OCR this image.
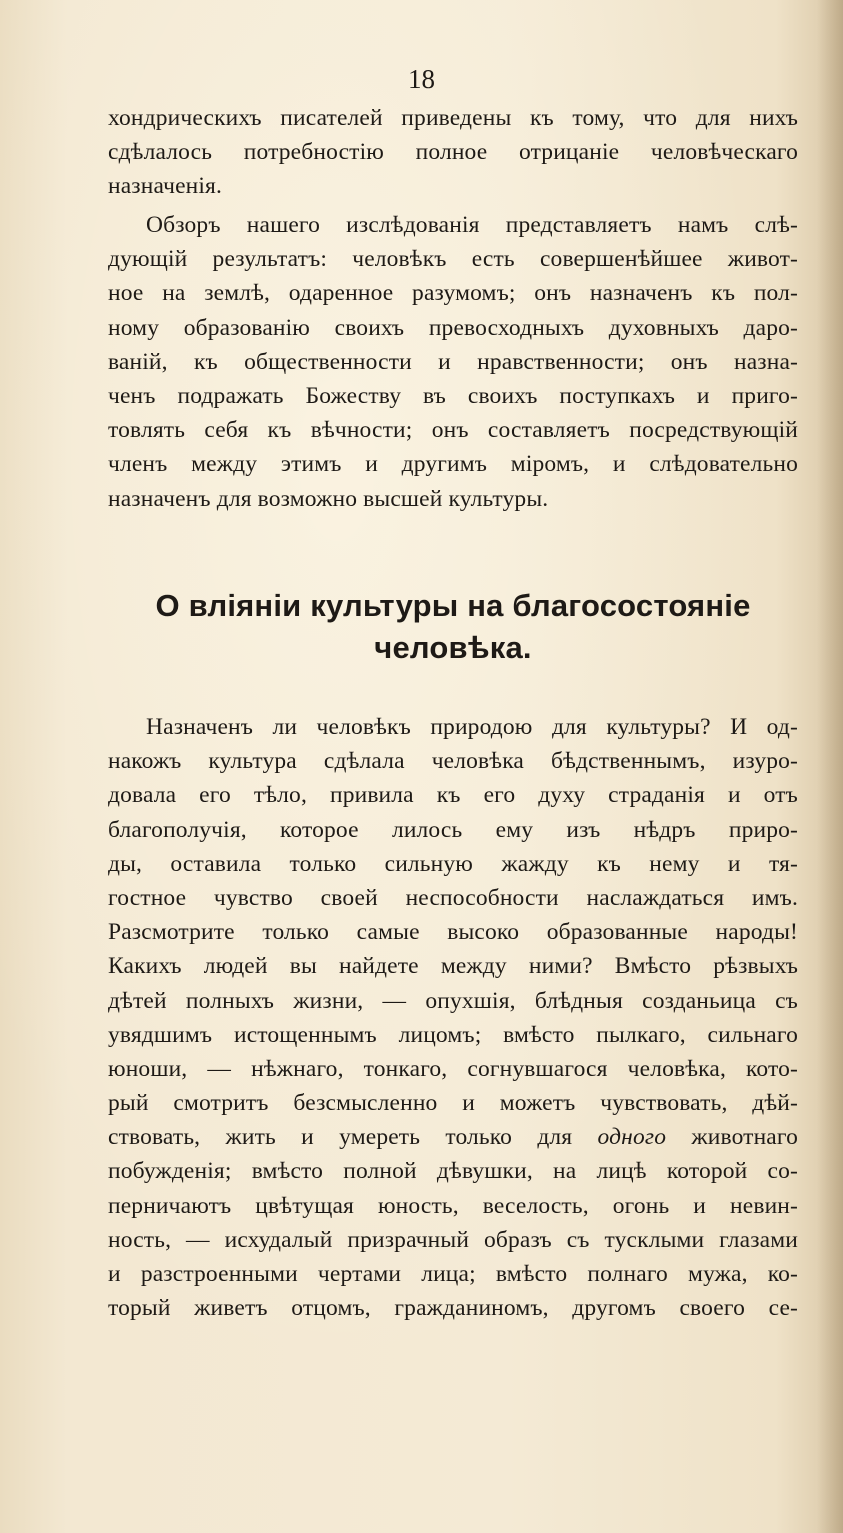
18
хондрическихъ писателей приведены къ тому, что для нихъ
сдѣлалось потребностію полное отрицаніе человѣческаго
назначенія.
Обзоръ нашего изслѣдованія представляетъ намъ слѣ-
дующій результатъ: человѣкъ есть совершенѣйшее живот-
ное на землѣ, одаренное разумомъ; онъ назначенъ къ пол-
ному образованію своихъ превосходныхъ духовныхъ даро-
ваній, къ общественности и нравственности; онъ назна-
ченъ подражать Божеству въ своихъ поступкахъ и приго-
товлять себя къ вѣчности; онъ составляетъ посредствующій
членъ между этимъ и другимъ міромъ, и слѣдовательно
назначенъ для возможно высшей культуры.
О вліяніи культуры на благосостояніе
человѣка.
Назначенъ ли человѣкъ природою для культуры? И од-
накожъ культура сдѣлала человѣка бѣдственнымъ, изуро-
довала его тѣло, привила къ его духу страданія и отъ
благополучія, которое лилось ему изъ нѣдръ приро-
ды, оставила только сильную жажду къ нему и тя-
гостное чувство своей неспособности наслаждаться имъ.
Разсмотрите только самые высоко образованные народы!
Какихъ людей вы найдете между ними? Вмѣсто рѣзвыхъ
дѣтей полныхъ жизни, — опухшія, блѣдныя созданьица съ
увядшимъ истощеннымъ лицомъ; вмѣсто пылкаго, сильнаго
юноши, — нѣжнаго, тонкаго, согнувшагося человѣка, кото-
рый смотритъ безсмысленно и можетъ чувствовать, дѣй-
ствовать, жить и умереть только для одного животнаго
побужденія; вмѣсто полной дѣвушки, на лицѣ которой со-
перничаютъ цвѣтущая юность, веселость, огонь и невин-
ность, — исхудалый призрачный образъ съ тусклыми глазами
и разстроенными чертами лица; вмѣсто полнаго мужа, ко-
торый живетъ отцомъ, гражданиномъ, другомъ своего се-
